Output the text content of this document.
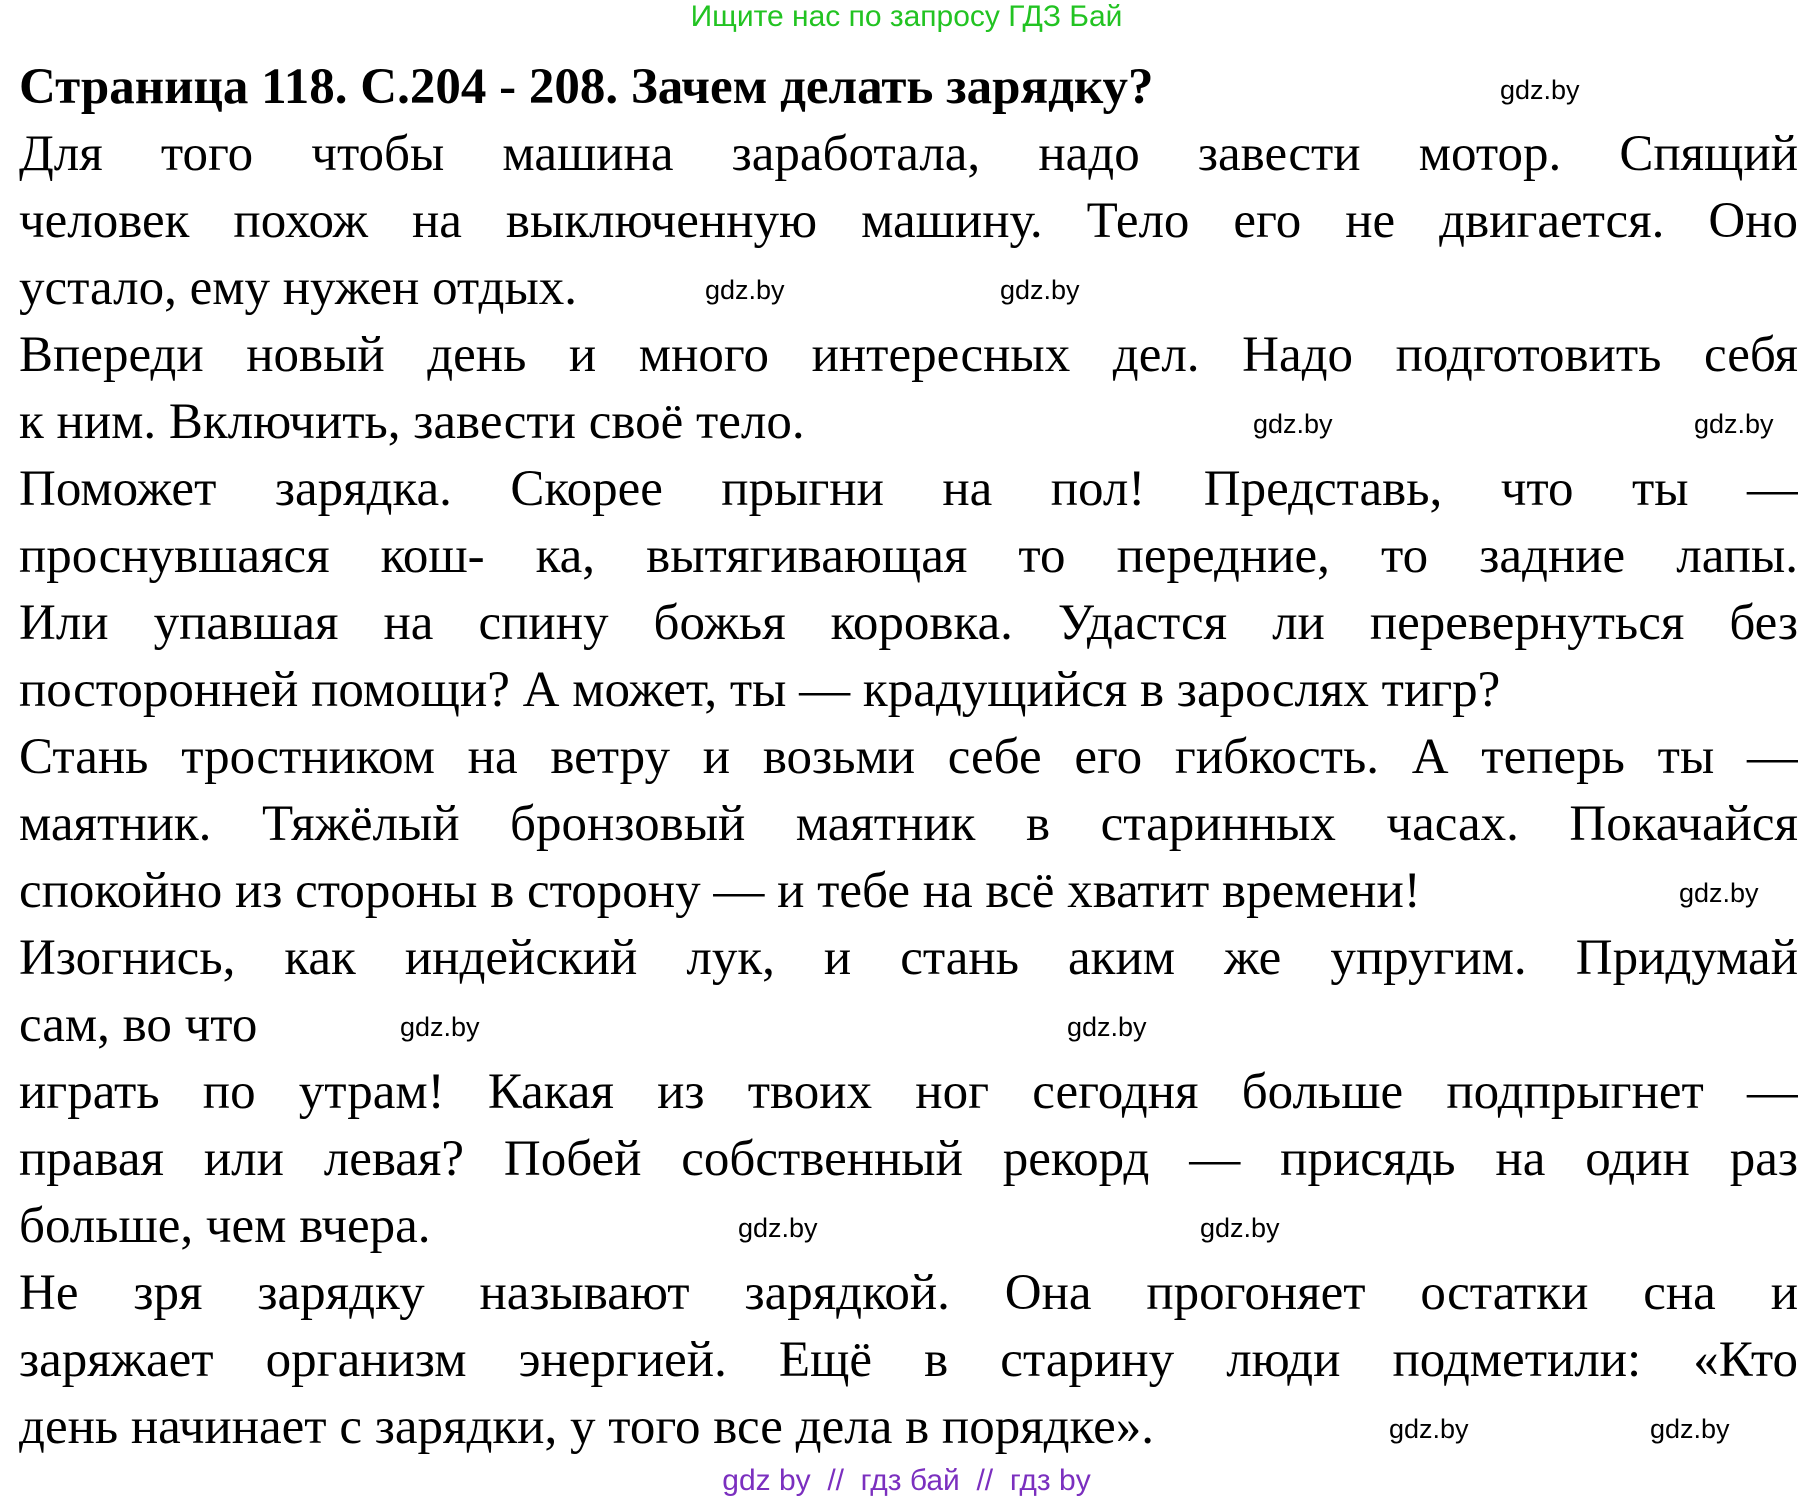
Ищите нас по запросу ГДЗ Бай
Страница 118. С.204 - 208. Зачем делать зарядку?
Для того чтобы машина заработала, надо завести мотор. Спящий
человек похож на выключенную машину. Тело его не двигается. Оно
устало, ему нужен отдых.
Впереди новый день и много интересных дел. Надо подготовить себя
к ним. Включить, завести своё тело.
Поможет зарядка. Скорее прыгни на пол! Представь, что ты —
проснувшаяся кош- ка, вытягивающая то передние, то задние лапы.
Или упавшая на спину божья коровка. Удастся ли перевернуться без
посторонней помощи? А может, ты — крадущийся в зарослях тигр?
Стань тростником на ветру и возьми себе его гибкость. А теперь ты —
маятник. Тяжёлый бронзовый маятник в старинных часах. Покачайся
спокойно из стороны в сторону — и тебе на всё хватит времени!
Изогнись, как индейский лук, и стань аким же упругим. Придумай
сам, во что
играть по утрам! Какая из твоих ног сегодня больше подпрыгнет —
правая или левая? Побей собственный рекорд — присядь на один раз
больше, чем вчера.
Не зря зарядку называют зарядкой. Она прогоняет остатки сна и
заряжает организм энергией. Ещё в старину люди подметили: «Кто
день начинает с зарядки, у того все дела в порядке».
gdz.by
gdz.by	gdz.by
gdz.by	gdz.by
gdz.by
gdz.by	gdz.by
gdz.by	gdz.by
gdz.by	gdz.by
gdz by  //  гдз бай  //  гдз by
